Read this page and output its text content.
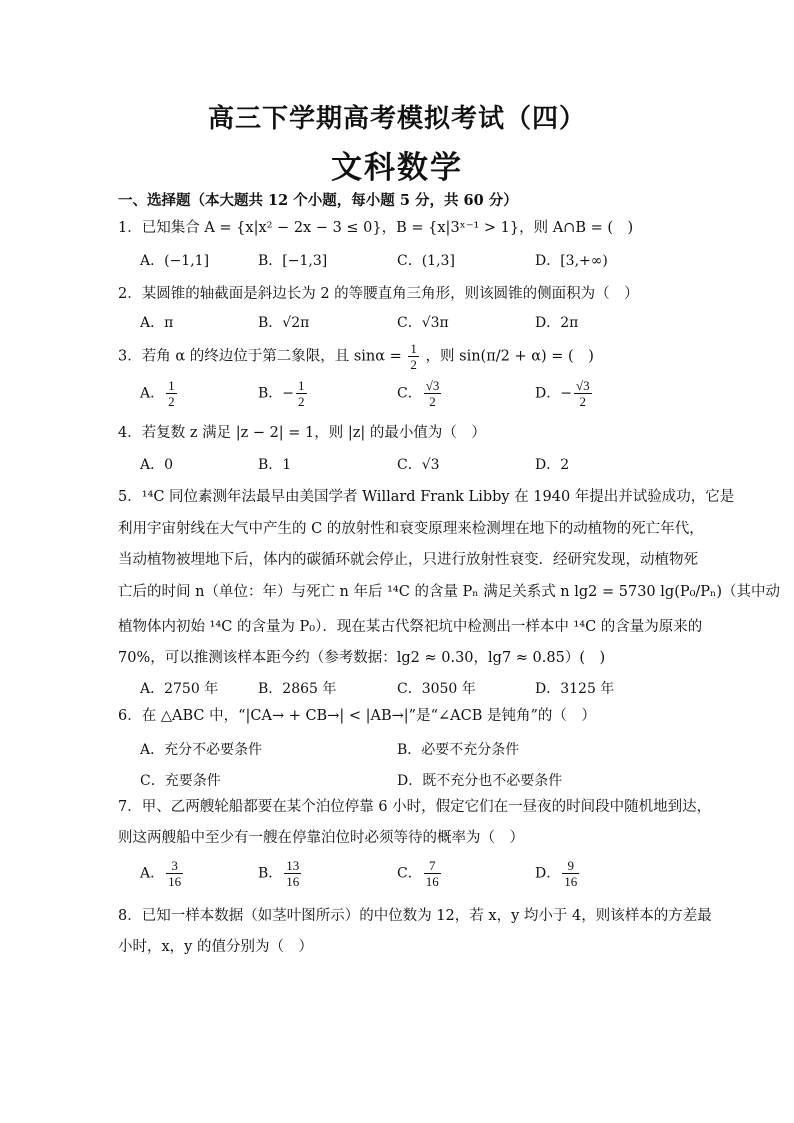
高三下学期高考模拟考试（四）
文科数学
一、选择题（本大题共 12 个小题，每小题 5 分，共 60 分）
1．已知集合 A = {x|x² − 2x − 3 ≤ 0}，B = {x|3ˣ⁻¹ > 1}，则 A∩B = (　)
A．(−1,1]	B．[−1,3]	C．(1,3]	D．[3,+∞)
2．某圆锥的轴截面是斜边长为 2 的等腰直角三角形，则该圆锥的侧面积为（　）
A．π	B．√2π	C．√3π	D．2π
3．若角 α 的终边位于第二象限，且 $\sin\alpha = \frac{1}{2}$ ，则 sin(π/2 + α) = (　)
A． $\frac{1}{2}$	B．− $\frac{1}{2}$	C． $\frac{√3}{2}$	D．− $\frac{√3}{2}$
4．若复数 z 满足 |z − 2| = 1，则 |z| 的最小值为（　）
A．0	B．1	C．√3	D．2
5．¹⁴C 同位素测年法最早由美国学者 Willard Frank Libby 在 1940 年提出并试验成功，它是
利用宇宙射线在大气中产生的 C 的放射性和衰变原理来检测埋在地下的动植物的死亡年代，
当动植物被埋地下后，体内的碳循环就会停止，只进行放射性衰变．经研究发现，动植物死
亡后的时间 n（单位：年）与死亡 n 年后 ¹⁴C 的含量 Pₙ 满足关系式 n lg2 = 5730 lg(P₀/Pₙ)（其中动
植物体内初始 ¹⁴C 的含量为 P₀）．现在某古代祭祀坑中检测出一样本中 ¹⁴C 的含量为原来的
70%，可以推测该样本距今约（参考数据：lg2 ≈ 0.30，lg7 ≈ 0.85）(　)
A．2750 年	B．2865 年	C．3050 年	D．3125 年
6．在 △ABC 中，“|CA→ + CB→| < |AB→|”是“∠ACB 是钝角”的（　）
A．充分不必要条件	B．必要不充分条件
C．充要条件	D．既不充分也不必要条件
7．甲、乙两艘轮船都要在某个泊位停靠 6 小时，假定它们在一昼夜的时间段中随机地到达，
则这两艘船中至少有一艘在停靠泊位时必须等待的概率为（　）
A． $\frac{3}{16}$	B． $\frac{13}{16}$	C． $\frac{7}{16}$	D． $\frac{9}{16}$
8．已知一样本数据（如茎叶图所示）的中位数为 12，若 x，y 均小于 4，则该样本的方差最
小时，x，y 的值分别为（　）
